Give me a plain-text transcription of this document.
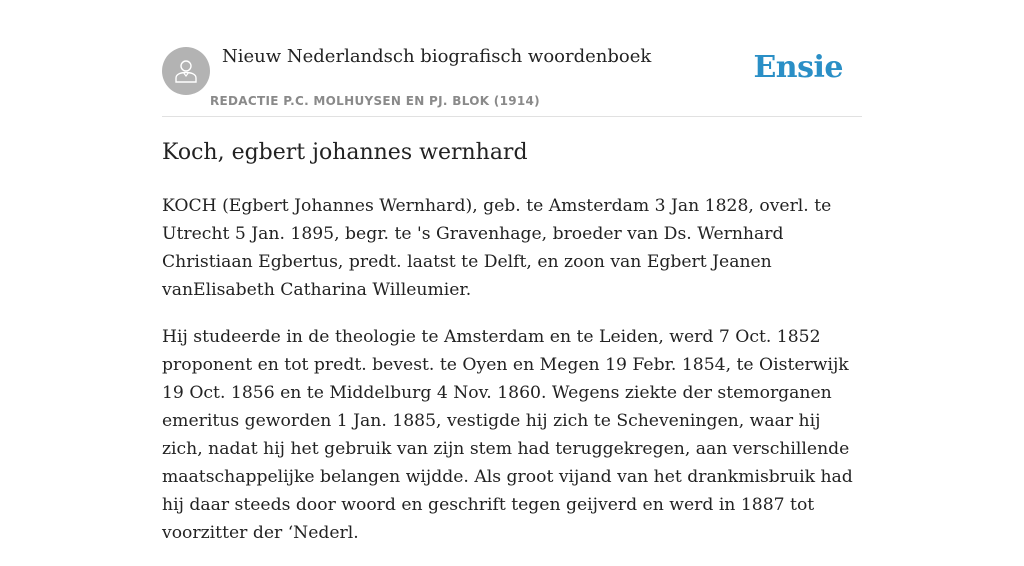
Nieuw Nederlandsch biografisch woordenboek
REDACTIE P.C. MOLHUYSEN EN PJ. BLOK (1914)
Ensie
Koch, egbert johannes wernhard

KOCH (Egbert Johannes Wernhard), geb. te Amsterdam 3 Jan 1828, overl. te Utrecht 5 Jan. 1895, begr. te 's Gravenhage, broeder van Ds. Wernhard Christiaan Egbertus, predt. laatst te Delft, en zoon van Egbert Jeanen vanElisabeth Catharina Willeumier.

Hij studeerde in de theologie te Amsterdam en te Leiden, werd 7 Oct. 1852 proponent en tot predt. bevest. te Oyen en Megen 19 Febr. 1854, te Oisterwijk 19 Oct. 1856 en te Middelburg 4 Nov. 1860. Wegens ziekte der stemorganen emeritus geworden 1 Jan. 1885, vestigde hij zich te Scheveningen, waar hij zich, nadat hij het gebruik van zijn stem had teruggekregen, aan verschillende maatschappelijke belangen wijdde. Als groot vijand van het drankmisbruik had hij daar steeds door woord en geschrift tegen geijverd en werd in 1887 tot voorzitter der ‘Nederl.
